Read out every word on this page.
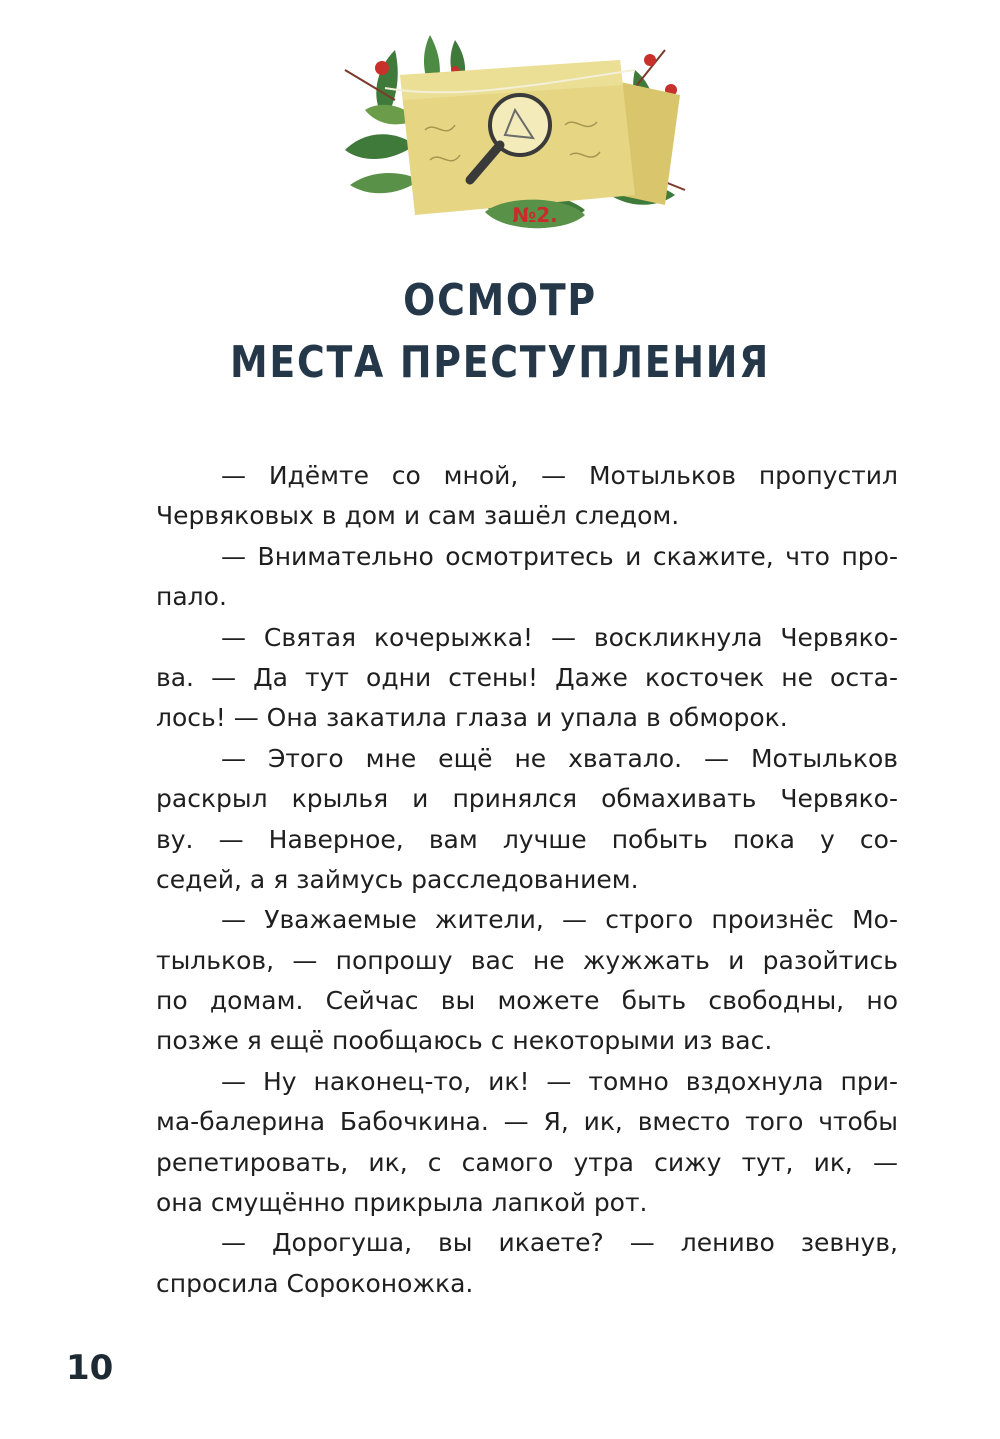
№2.
ОСМОТР
МЕСТА ПРЕСТУПЛЕНИЯ
— Идёмте со мной, — Мотыльков пропустил
Червяковых в дом и сам зашёл следом.
— Внимательно осмотритесь и скажите, что про-
пало.
— Святая кочерыжка! — воскликнула Червяко-
ва. — Да тут одни стены! Даже косточек не оста-
лось! — Она закатила глаза и упала в обморок.
— Этого мне ещё не хватало. — Мотыльков
раскрыл крылья и принялся обмахивать Червяко-
ву. — Наверное, вам лучше побыть пока у со-
седей, а я займусь расследованием.
— Уважаемые жители, — строго произнёс Мо-
тыльков, — попрошу вас не жужжать и разойтись
по домам. Сейчас вы можете быть свободны, но
позже я ещё пообщаюсь с некоторыми из вас.
— Ну наконец-то, ик! — томно вздохнула при-
ма-балерина Бабочкина. — Я, ик, вместо того чтобы
репетировать, ик, с самого утра сижу тут, ик, —
она смущённо прикрыла лапкой рот.
— Дорогуша, вы икаете? — лениво зевнув,
спросила Сороконожка.
10
